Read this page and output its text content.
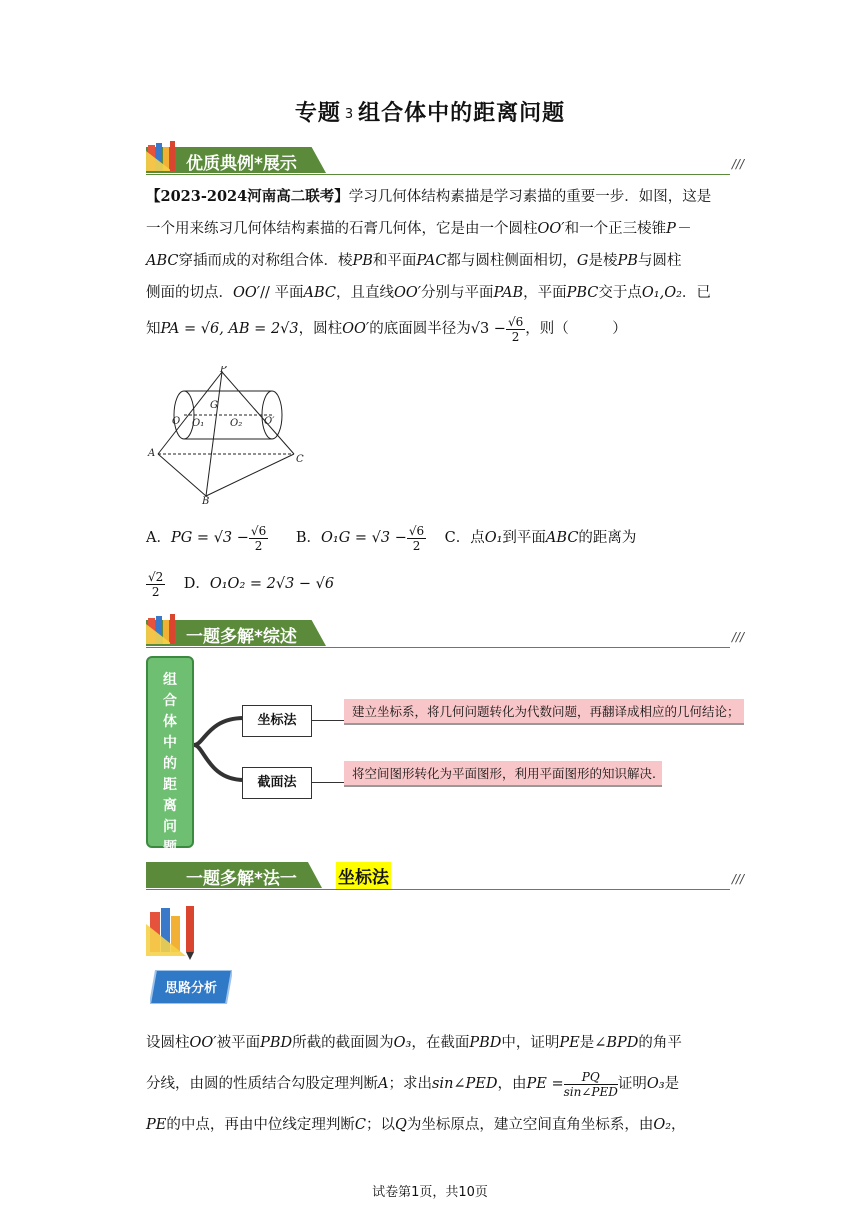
专题 3 组合体中的距离问题
优质典例*展示	///
【2023-2024河南高二联考】学习几何体结构素描是学习素描的重要一步．如图，这是
一个用来练习几何体结构素描的石膏几何体，它是由一个圆柱OO′和一个正三棱锥P－
ABC穿插而成的对称组合体．棱PB和平面PAC都与圆柱侧面相切，G是棱PB与圆柱
侧面的切点．OO′// 平面ABC，且直线OO′分别与平面PAB，平面PBC交于点O₁,O₂．已
知PA = √6, AB = 2√3，圆柱OO′的底面圆半径为$√3 - \frac{√6}{2}$ ，则（　　　）
P
G
O O₁	O₂ O′
A
B
C
A．PG = $√3 - \frac{√6}{2}$ B．$O_1G = √3 - \frac{√6}{2}$ C．点O₁到平面ABC的距离为
$\frac{√2}{2}$ D．O₁O₂ = 2√3 − √6
一题多解*综述	///
组
合
体
中
的
距
离
问
题
坐标法
建立坐标系，将几何问题转化为代数问题，再翻译成相应的几何结论；
截面法
将空间图形转化为平面图形，利用平面图形的知识解决.
一题多解*法一 坐标法	///
思路分析
设圆柱OO′被平面PBD所截的截面圆为O₃，在截面PBD中，证明PE是∠BPD的角平
分线，由圆的性质结合勾股定理判断A；求出sin∠PED，由PE = $\frac{PQ}{\text{sin∠PED}}$ 证明O₃是
PE的中点，再由中位线定理判断C；以Q为坐标原点，建立空间直角坐标系，由O₂，
试卷第1页，共10页
